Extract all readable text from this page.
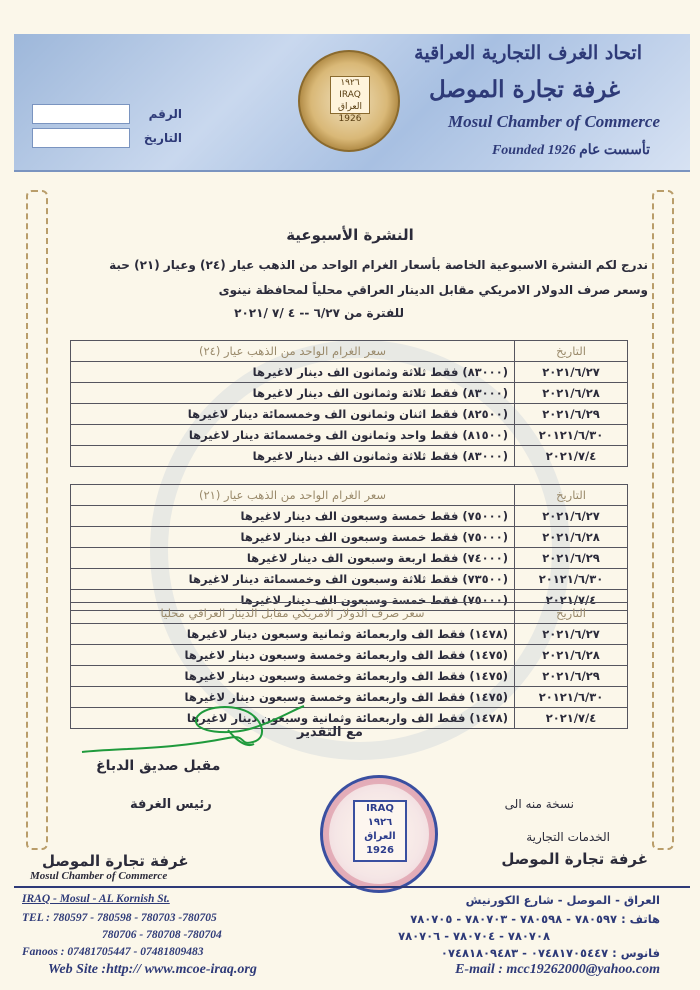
اتحاد الغرف التجارية العراقية
غرفة تجارة الموصل
Mosul Chamber of Commerce
Founded 1926 تأسست عام
الرقم
التاريخ
١٩٢٦ IRAQ العراق 1926
النشرة الأسبوعية
ندرج لكم النشرة الاسبوعية الخاصة بأسعار الغرام الواحد من الذهب عيار (٢٤) وعيار (٢١) حبة
وسعر صرف الدولار الامريكي مقابل الدينار العراقي محلياً لمحافظة نينوى
للفترة من ٦/٢٧ -- ٤ /٧ /٢٠٢١
التاريخ	سعر الغرام الواحد من الذهب عيار (٢٤)
٢٠٢١/٦/٢٧	(٨٣٠٠٠) فقط ثلاثة وثمانون الف دينار لاغيرها
٢٠٢١/٦/٢٨	(٨٣٠٠٠) فقط ثلاثة وثمانون الف دينار لاغيرها
٢٠٢١/٦/٢٩	(٨٢٥٠٠) فقط اثنان وثمانون الف وخمسمائة دينار لاغيرها
٢٠١٢١/٦/٣٠	(٨١٥٠٠) فقط واحد وثمانون الف وخمسمائة دينار لاغيرها
٢٠٢١/٧/٤	(٨٣٠٠٠) فقط ثلاثة وثمانون الف دينار لاغيرها
التاريخ	سعر الغرام الواحد من الذهب عيار (٢١)
٢٠٢١/٦/٢٧	(٧٥٠٠٠) فقط خمسة وسبعون الف دينار لاغيرها
٢٠٢١/٦/٢٨	(٧٥٠٠٠) فقط خمسة وسبعون الف دينار لاغيرها
٢٠٢١/٦/٢٩	(٧٤٠٠٠) فقط اربعة وسبعون الف دينار لاغيرها
٢٠١٢١/٦/٣٠	(٧٣٥٠٠) فقط ثلاثة وسبعون الف وخمسمائة دينار لاغيرها
٢٠٢١/٧/٤	(٧٥٠٠٠) فقط خمسة وسبعون الف دينار لاغيرها
التاريخ	سعر صرف الدولار الامريكي مقابل الدينار العراقي محليا
٢٠٢١/٦/٢٧	(١٤٧٨) فقط الف واربعمائة وثمانية وسبعون دينار لاغيرها
٢٠٢١/٦/٢٨	(١٤٧٥) فقط الف واربعمائة وخمسة وسبعون دينار لاغيرها
٢٠٢١/٦/٢٩	(١٤٧٥) فقط الف واربعمائة وخمسة وسبعون دينار لاغيرها
٢٠١٢١/٦/٣٠	(١٤٧٥) فقط الف واربعمائة وخمسة وسبعون دينار لاغيرها
٢٠٢١/٧/٤	(١٤٧٨) فقط الف واربعمائة وثمانية وسبعون دينار لاغيرها
مع التقدير
مقبل صديق الدباغ
رئيس الغرفة	نسخة منه الى
الخدمات التجارية
غرفة تجارة الموصل
غرفة تجارة الموصل
Mosul Chamber of Commerce
IRAQ ١٩٢٦ العراق 1926
IRAQ - Mosul - AL Kornish St.
TEL : 780597 - 780598 - 780703 -780705
780706 - 780708 -780704
Fanoos : 07481705447 - 07481809483
Web Site :http:// www.mcoe-iraq.org
العراق - الموصل - شارع الكورنيش
هاتف : ٧٨٠٥٩٧ - ٧٨٠٥٩٨ - ٧٨٠٧٠٣ - ٧٨٠٧٠٥
٧٨٠٧٠٨ - ٧٨٠٧٠٤ - ٧٨٠٧٠٦
فانوس : ٠٧٤٨١٧٠٥٤٤٧ - ٠٧٤٨١٨٠٩٤٨٣
E-mail : mcc19262000@yahoo.com
